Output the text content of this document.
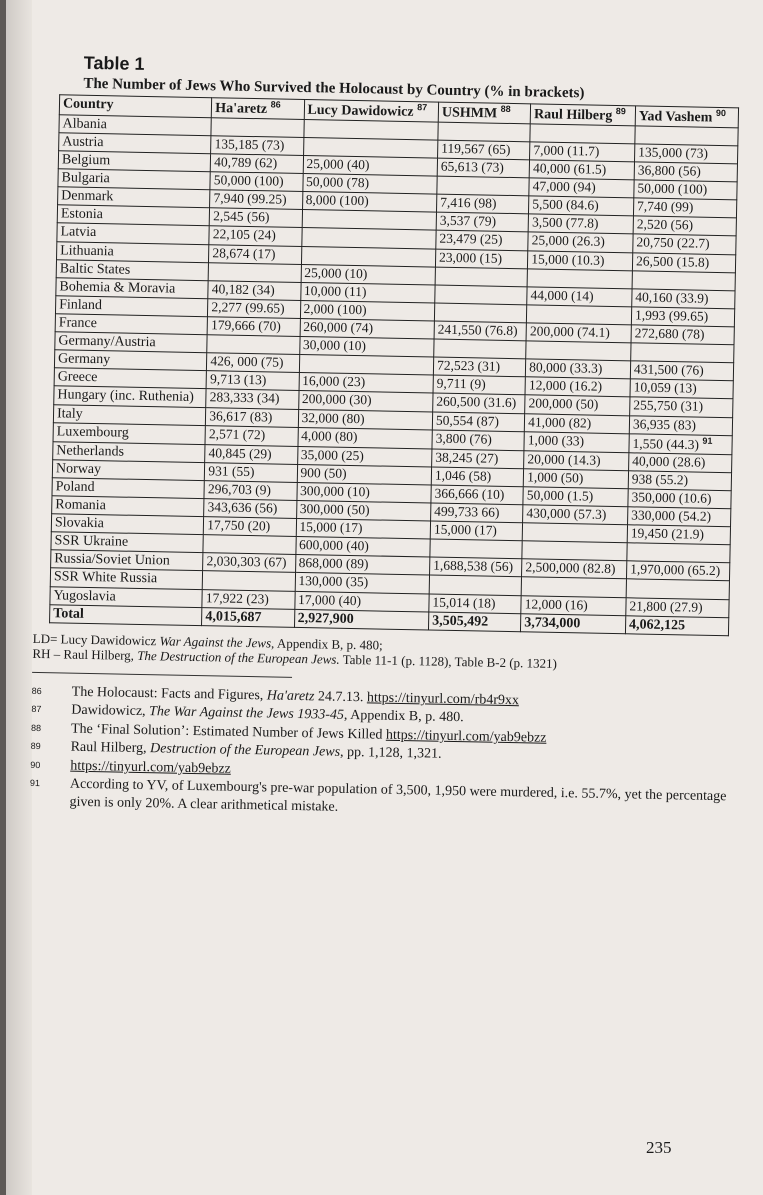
Table 1
The Number of Jews Who Survived the Holocaust by Country (% in brackets)
Country	Ha'aretz $^{86}$	Lucy Dawidowicz $^{87}$	USHMM $^{88}$	Raul Hilberg $^{89}$	Yad Vashem $^{90}$
Albania					
Austria	135,185 (73)		119,567 (65)	7,000 (11.7)	135,000 (73)
Belgium	40,789 (62)	25,000 (40)	65,613 (73)	40,000 (61.5)	36,800 (56)
Bulgaria	50,000 (100)	50,000 (78)		47,000 (94)	50,000 (100)
Denmark	7,940 (99.25)	8,000 (100)	7,416 (98)	5,500 (84.6)	7,740 (99)
Estonia	2,545 (56)		3,537 (79)	3,500 (77.8)	2,520 (56)
Latvia	22,105 (24)		23,479 (25)	25,000 (26.3)	20,750 (22.7)
Lithuania	28,674 (17)		23,000 (15)	15,000 (10.3)	26,500 (15.8)
Baltic States		25,000 (10)			
Bohemia & Moravia	40,182 (34)	10,000 (11)		44,000 (14)	40,160 (33.9)
Finland	2,277 (99.65)	2,000 (100)			1,993 (99.65)
France	179,666 (70)	260,000 (74)	241,550 (76.8)	200,000 (74.1)	272,680 (78)
Germany/Austria		30,000 (10)			
Germany	426, 000 (75)		72,523 (31)	80,000 (33.3)	431,500 (76)
Greece	9,713 (13)	16,000 (23)	9,711 (9)	12,000 (16.2)	10,059 (13)
Hungary (inc. Ruthenia)	283,333 (34)	200,000 (30)	260,500 (31.6)	200,000 (50)	255,750 (31)
Italy	36,617 (83)	32,000 (80)	50,554 (87)	41,000 (82)	36,935 (83)
Luxembourg	2,571 (72)	4,000 (80)	3,800 (76)	1,000 (33)	1,550 (44.3) $^{91}$
Netherlands	40,845 (29)	35,000 (25)	38,245 (27)	20,000 (14.3)	40,000 (28.6)
Norway	931 (55)	900 (50)	1,046 (58)	1,000 (50)	938 (55.2)
Poland	296,703 (9)	300,000 (10)	366,666 (10)	50,000 (1.5)	350,000 (10.6)
Romania	343,636 (56)	300,000 (50)	499,733 66)	430,000 (57.3)	330,000 (54.2)
Slovakia	17,750 (20)	15,000 (17)	15,000 (17)		19,450 (21.9)
SSR Ukraine		600,000 (40)			
Russia/Soviet Union	2,030,303 (67)	868,000 (89)	1,688,538 (56)	2,500,000 (82.8)	1,970,000 (65.2)
SSR White Russia		130,000 (35)			
Yugoslavia	17,922 (23)	17,000 (40)	15,014 (18)	12,000 (16)	21,800 (27.9)
Total	4,015,687	2,927,900	3,505,492	3,734,000	4,062,125
LD= Lucy Dawidowicz War Against the Jews, Appendix B, p. 480;
RH – Raul Hilberg, The Destruction of the European Jews. Table 11-1 (p. 1128), Table B-2 (p. 1321)
86	The Holocaust: Facts and Figures, Ha'aretz 24.7.13. https://tinyurl.com/rb4r9xx
87	Dawidowicz, The War Against the Jews 1933-45, Appendix B, p. 480.
88	The ‘Final Solution’: Estimated Number of Jews Killed https://tinyurl.com/yab9ebzz
89	Raul Hilberg, Destruction of the European Jews, pp. 1,128, 1,321.
90	https://tinyurl.com/yab9ebzz
91	According to YV, of Luxembourg's pre-war population of 3,500, 1,950 were murdered, i.e. 55.7%, yet the percentage given is only 20%. A clear arithmetical mistake.
235
